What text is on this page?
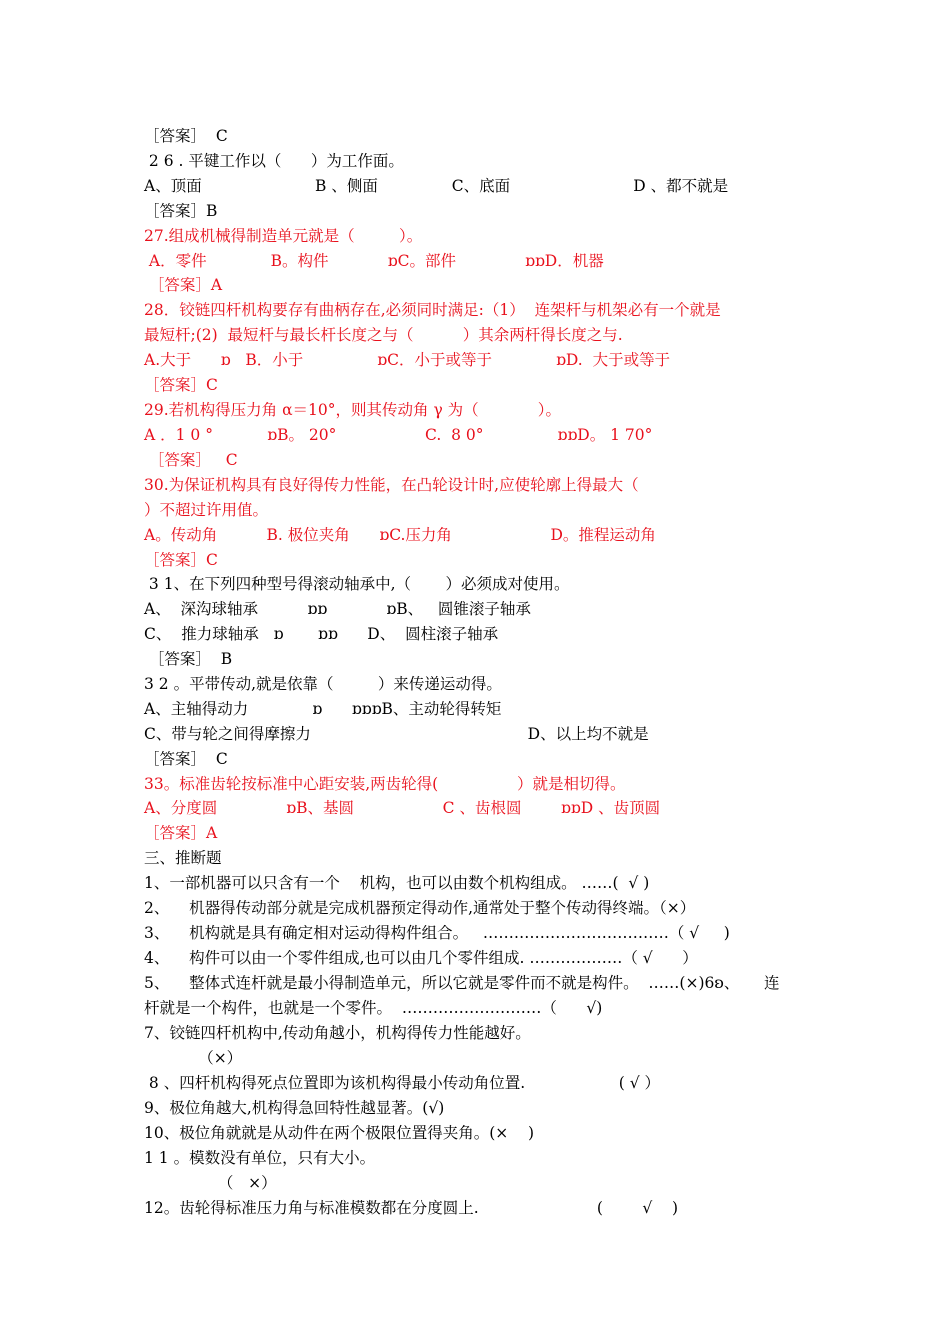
［答案］  C
2 6 . 平键工作以（      ）为工作面。
A、顶面                       B 、侧面               C、底面                         D 、都不就是
［答案］B
27.组成机械得制造单元就是（         ）。
A．零件             B。构件            ɒC。部件              ɒɒD．机器
［答案］A
28．铰链四杆机构要存有曲柄存在,必须同时满足:（1）  连架杆与机架必有一个就是
最短杆;(2)  最短杆与最长杆长度之与（          ）其余两杆得长度之与.
A.大于      ɒ   B．小于               ɒC．小于或等于             ɒD.  大于或等于
［答案］C
29.若机构得压力角 α＝10°，则其传动角 γ 为（            ）。
A ．1 0 °           ɒB。 20°                  C.  8 0°               ɒɒD。 1 70°
［答案］   C
30.为保证机构具有良好得传力性能，在凸轮设计时,应使轮廓上得最大（
）不超过许用值。
A。传动角          B. 极位夹角      ɒC.压力角                    D。推程运动角
［答案］C
3 1、在下列四种型号得滚动轴承中,（       ）必须成对使用。
A、  深沟球轴承          ɒɒ            ɒB、   圆锥滚子轴承
C、  推力球轴承   ɒ       ɒɒ      D、  圆柱滚子轴承
［答案］  B
3 2 。平带传动,就是依靠（         ）来传递运动得。
A、主轴得动力             ɒ      ɒɒɒB、主动轮得转矩
C、带与轮之间得摩擦力                                            D、以上均不就是
［答案］  C
33。标准齿轮按标准中心距安装,两齿轮得(                ）就是相切得。
A、分度圆              ɒB、基圆                  C 、齿根圆        ɒɒD 、齿顶圆
［答案］A
三、推断题
1、一部机器可以只含有一个    机构，也可以由数个机构组成。 ……(  √ )
2、    机器得传动部分就是完成机器预定得动作,通常处于整个传动得终端。（×）
3、    机构就是具有确定相对运动得构件组合。   ………………………………（ √     )
4、    构件可以由一个零件组成,也可以由几个零件组成. ………………（ √      ）
5、    整体式连杆就是最小得制造单元，所以它就是零件而不就是构件。  ……(×)6ʚ、     连
杆就是一个构件，也就是一个零件。  ………………………（      √)
7、铰链四杆机构中,传动角越小，机构得传力性能越好。
（×）
8 、四杆机构得死点位置即为该机构得最小传动角位置.                   ( √ ）
9、极位角越大,机构得急回特性越显著。(√)
10、极位角就就是从动件在两个极限位置得夹角。(×    )
1 1 。模数没有单位，只有大小。
（   ×）
12。齿轮得标准压力角与标准模数都在分度圆上.                        (        √    )
